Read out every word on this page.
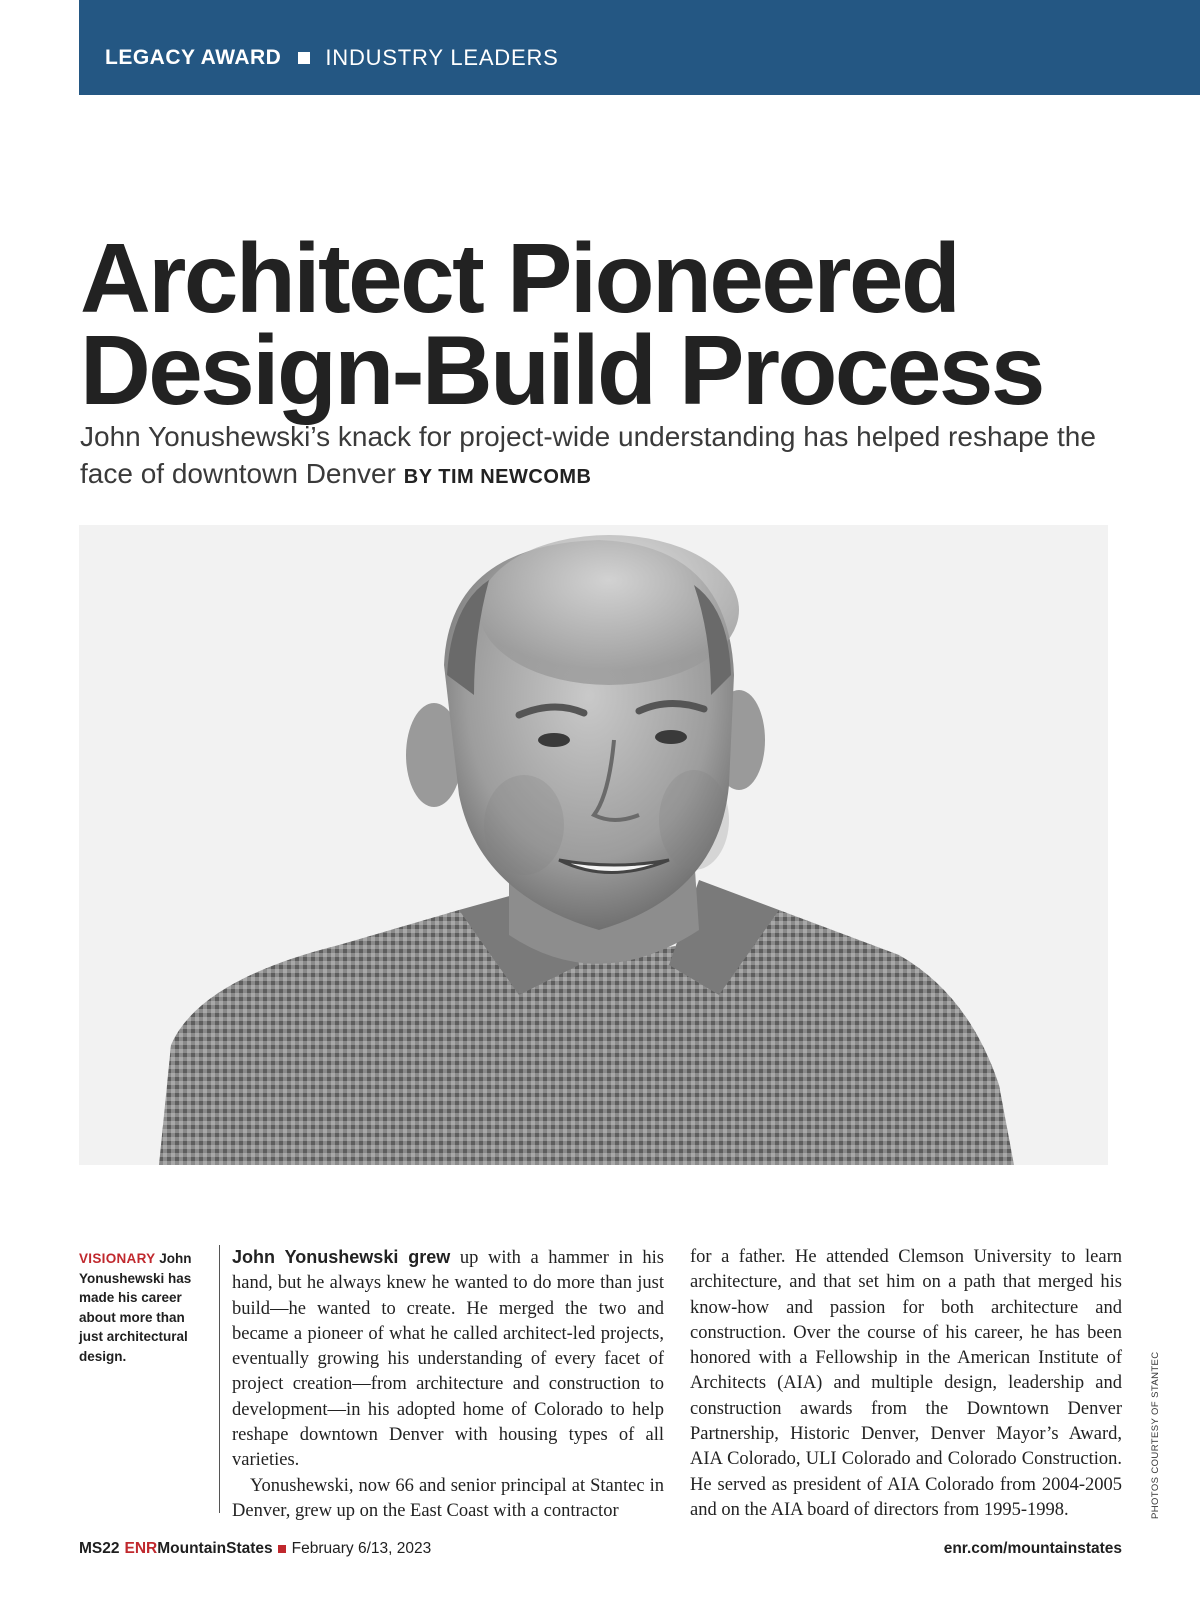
LEGACY AWARD INDUSTRY LEADERS
Architect Pioneered
Design-Build Process

John Yonushewski’s knack for project-wide understanding has helped reshape the face of downtown Denver BY TIM NEWCOMB

VISIONARY John Yonushewski has made his career about more than just architectural design.

John Yonushewski grew up with a hammer in his hand, but he always knew he wanted to do more than just build—he wanted to create. He merged the two and became a pioneer of what he called architect-led projects, eventually growing his understanding of every facet of project creation—from architecture and construction to development—in his adopted home of Colorado to help reshape downtown Denver with housing types of all varieties.

Yonushewski, now 66 and senior principal at Stantec in Denver, grew up on the East Coast with a contractor

for a father. He attended Clemson University to learn architecture, and that set him on a path that merged his know-how and passion for both architecture and construction. Over the course of his career, he has been honored with a Fellowship in the American Institute of Architects (AIA) and multiple design, leadership and construction awards from the Downtown Denver Partnership, Historic Denver, Denver Mayor’s Award, AIA Colorado, ULI Colorado and Colorado Construction. He served as president of AIA Colorado from 2004-2005 and on the AIA board of directors from 1995-1998.	PHOTOS COURTESY OF STANTEC
MS22 ENR MountainStates February 6/13, 2023	enr.com/mountainstates
